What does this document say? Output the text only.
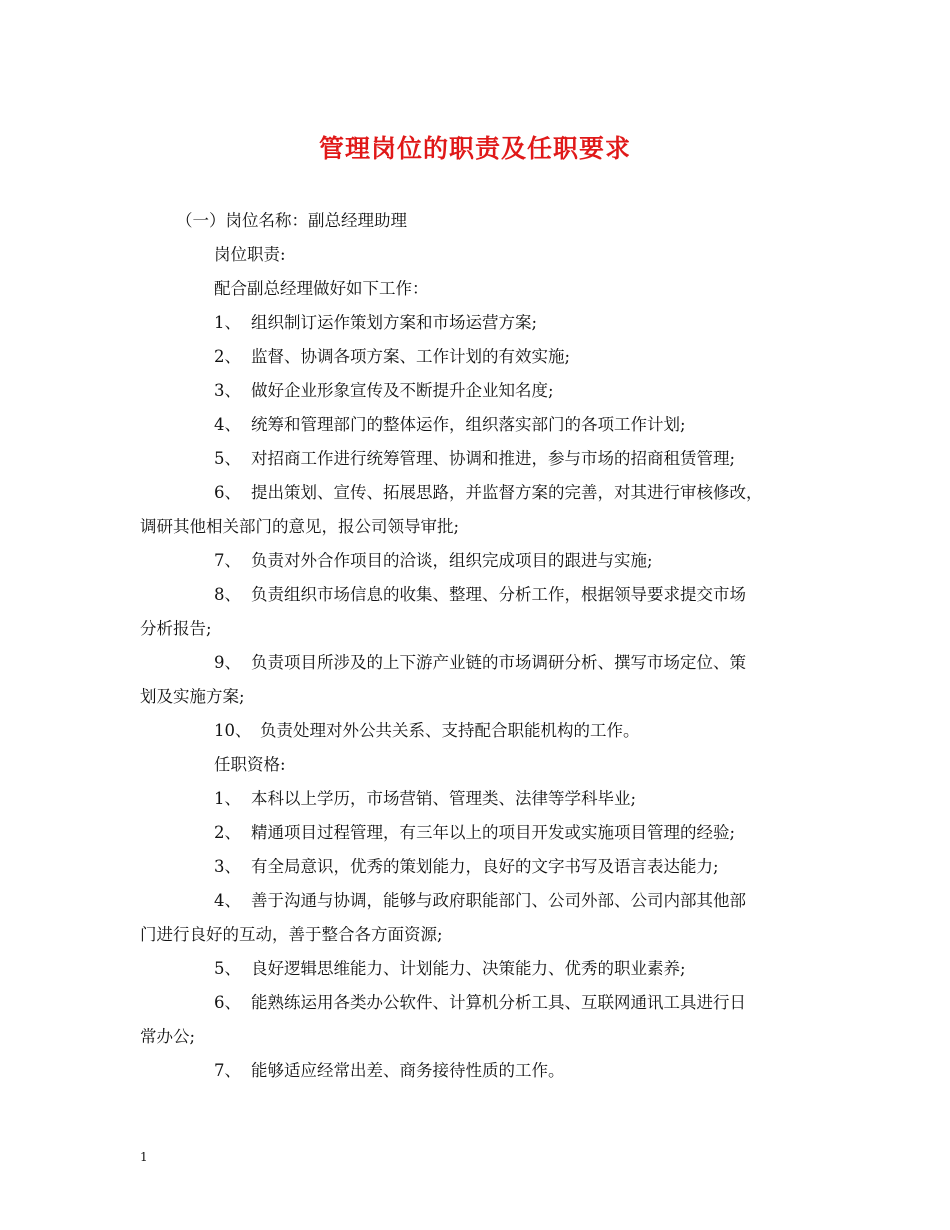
管理岗位的职责及任职要求
（一）岗位名称：副总经理助理
岗位职责:
配合副总经理做好如下工作：
1、 组织制订运作策划方案和市场运营方案;
2、 监督、协调各项方案、工作计划的有效实施;
3、 做好企业形象宣传及不断提升企业知名度;
4、 统筹和管理部门的整体运作，组织落实部门的各项工作计划;
5、 对招商工作进行统筹管理、协调和推进，参与市场的招商租赁管理;
6、 提出策划、宣传、拓展思路，并监督方案的完善，对其进行审核修改，
调研其他相关部门的意见，报公司领导审批;
7、 负责对外合作项目的洽谈，组织完成项目的跟进与实施;
8、 负责组织市场信息的收集、整理、分析工作，根据领导要求提交市场
分析报告;
9、 负责项目所涉及的上下游产业链的市场调研分析、撰写市场定位、策
划及实施方案;
10、 负责处理对外公共关系、支持配合职能机构的工作。
任职资格:
1、 本科以上学历，市场营销、管理类、法律等学科毕业;
2、 精通项目过程管理，有三年以上的项目开发或实施项目管理的经验;
3、 有全局意识，优秀的策划能力，良好的文字书写及语言表达能力;
4、 善于沟通与协调，能够与政府职能部门、公司外部、公司内部其他部
门进行良好的互动，善于整合各方面资源;
5、 良好逻辑思维能力、计划能力、决策能力、优秀的职业素养;
6、 能熟练运用各类办公软件、计算机分析工具、互联网通讯工具进行日
常办公;
7、 能够适应经常出差、商务接待性质的工作。
1
